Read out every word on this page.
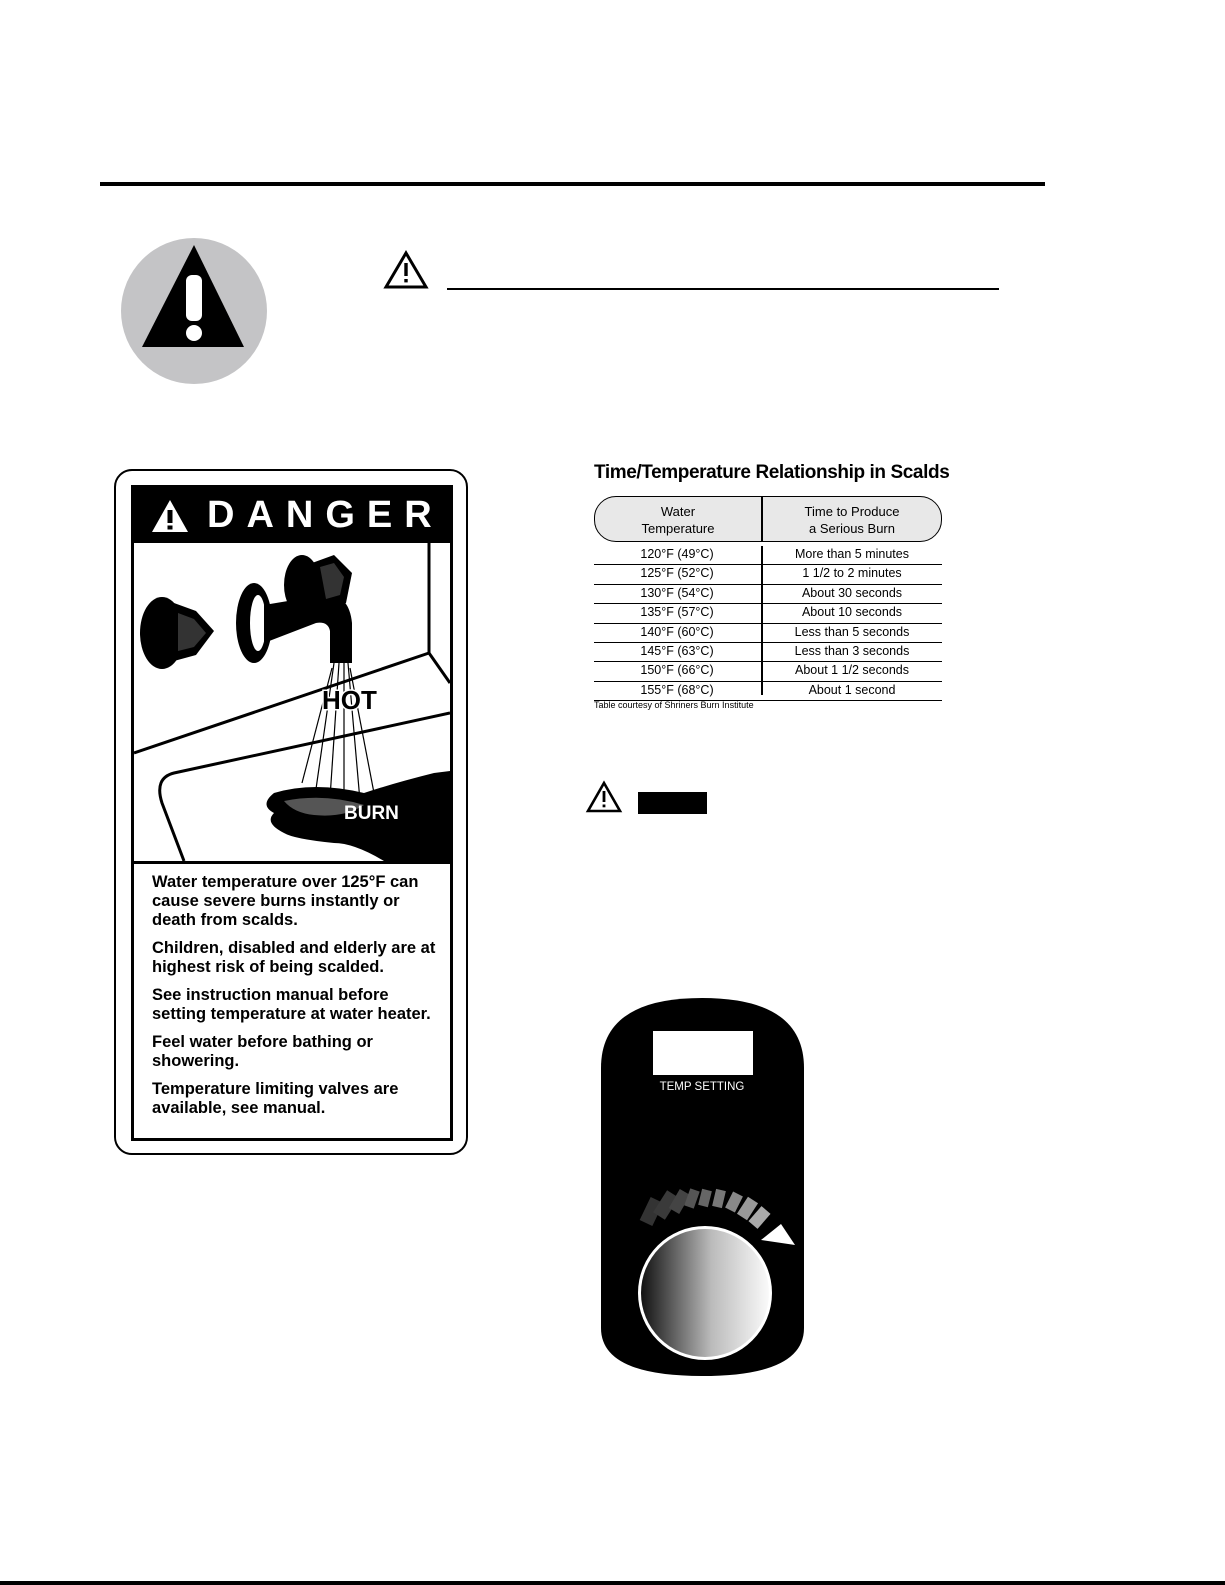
DANGER
HOT
BURN

Water temperature over 125°F can cause severe burns instantly or death from scalds.

Children, disabled and elderly are at highest risk of being scalded.

See instruction manual before setting temperature at water heater.

Feel water before bathing or showering.

Temperature limiting valves are available, see manual.

Time/Temperature Relationship in Scalds
Water
Temperature
Time to Produce
a Serious Burn
120°F (49°C)	More than 5 minutes
125°F (52°C)	1 1/2 to 2 minutes
130°F (54°C)	About 30 seconds
135°F (57°C)	About 10 seconds
140°F (60°C)	Less than 5 seconds
145°F (63°C)	Less than 3 seconds
150°F (66°C)	About 1 1/2 seconds
155°F (68°C)	About 1 second
Table courtesy of Shriners Burn Institute
TEMP SETTING
